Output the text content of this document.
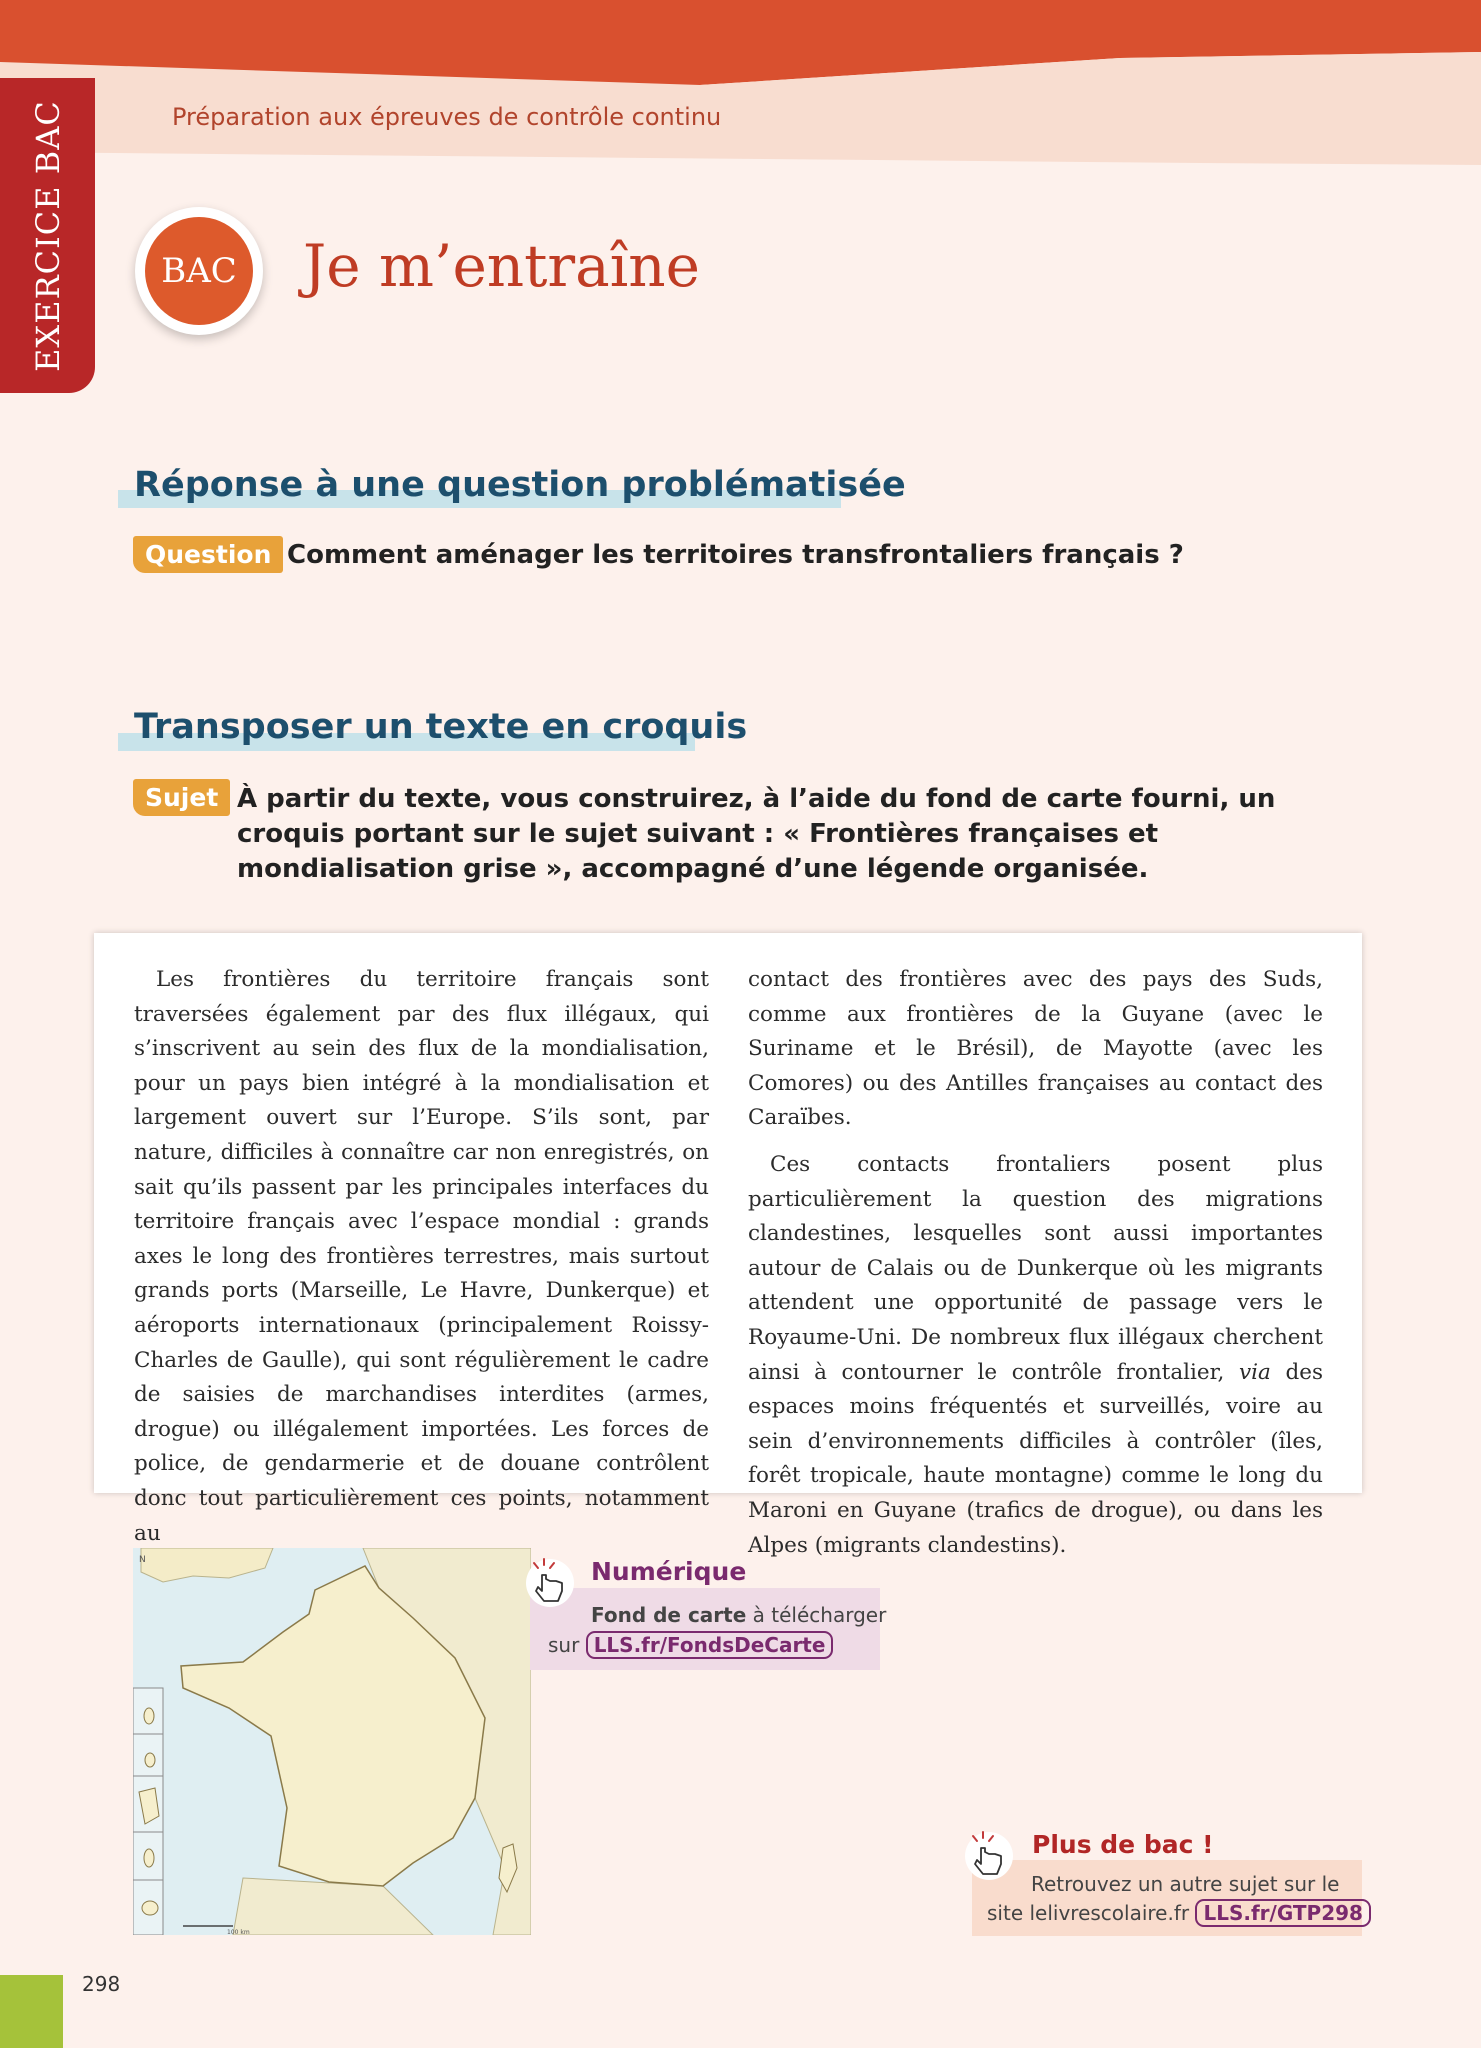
Préparation aux épreuves de contrôle continu
EXERCICE BAC	BAC Je m’entraîne
Réponse à une question problématisée
Question Comment aménager les territoires transfrontaliers français ?
Transposer un texte en croquis
Sujet À partir du texte, vous construirez, à l’aide du fond de carte fourni, un croquis portant sur le sujet suivant : « Frontières françaises et mondialisation grise », accompagné d’une légende organisée.

Les frontières du territoire français sont traversées également par des flux illégaux, qui s’inscrivent au sein des flux de la mondialisation, pour un pays bien intégré à la mondialisation et largement ouvert sur l’Europe. S’ils sont, par nature, difficiles à connaître car non enregistrés, on sait qu’ils passent par les principales interfaces du territoire français avec l’espace mondial : grands axes le long des frontières terrestres, mais surtout grands ports (Marseille, Le Havre, Dunkerque) et aéroports internationaux (principalement Roissy-Charles de Gaulle), qui sont régulièrement le cadre de saisies de marchandises interdites (armes, drogue) ou illégalement importées. Les forces de police, de gendarmerie et de douane contrôlent donc tout particulièrement ces points, notamment au

contact des frontières avec des pays des Suds, comme aux frontières de la Guyane (avec le Suriname et le Brésil), de Mayotte (avec les Comores) ou des Antilles françaises au contact des Caraïbes.

Ces contacts frontaliers posent plus particulièrement la question des migrations clandestines, lesquelles sont aussi importantes autour de Calais ou de Dunkerque où les migrants attendent une opportunité de passage vers le Royaume-Uni. De nombreux flux illégaux cherchent ainsi à contourner le contrôle frontalier, via des espaces moins fréquentés et surveillés, voire au sein d’environnements difficiles à contrôler (îles, forêt tropicale, haute montagne) comme le long du Maroni en Guyane (trafics de drogue), ou dans les Alpes (migrants clandestins).

N
100 km
Numérique
Fond de carte à télécharger
sur LLS.fr/FondsDeCarte
Plus de bac !
Retrouvez un autre sujet sur le
site lelivrescolaire.fr LLS.fr/GTP298
298
